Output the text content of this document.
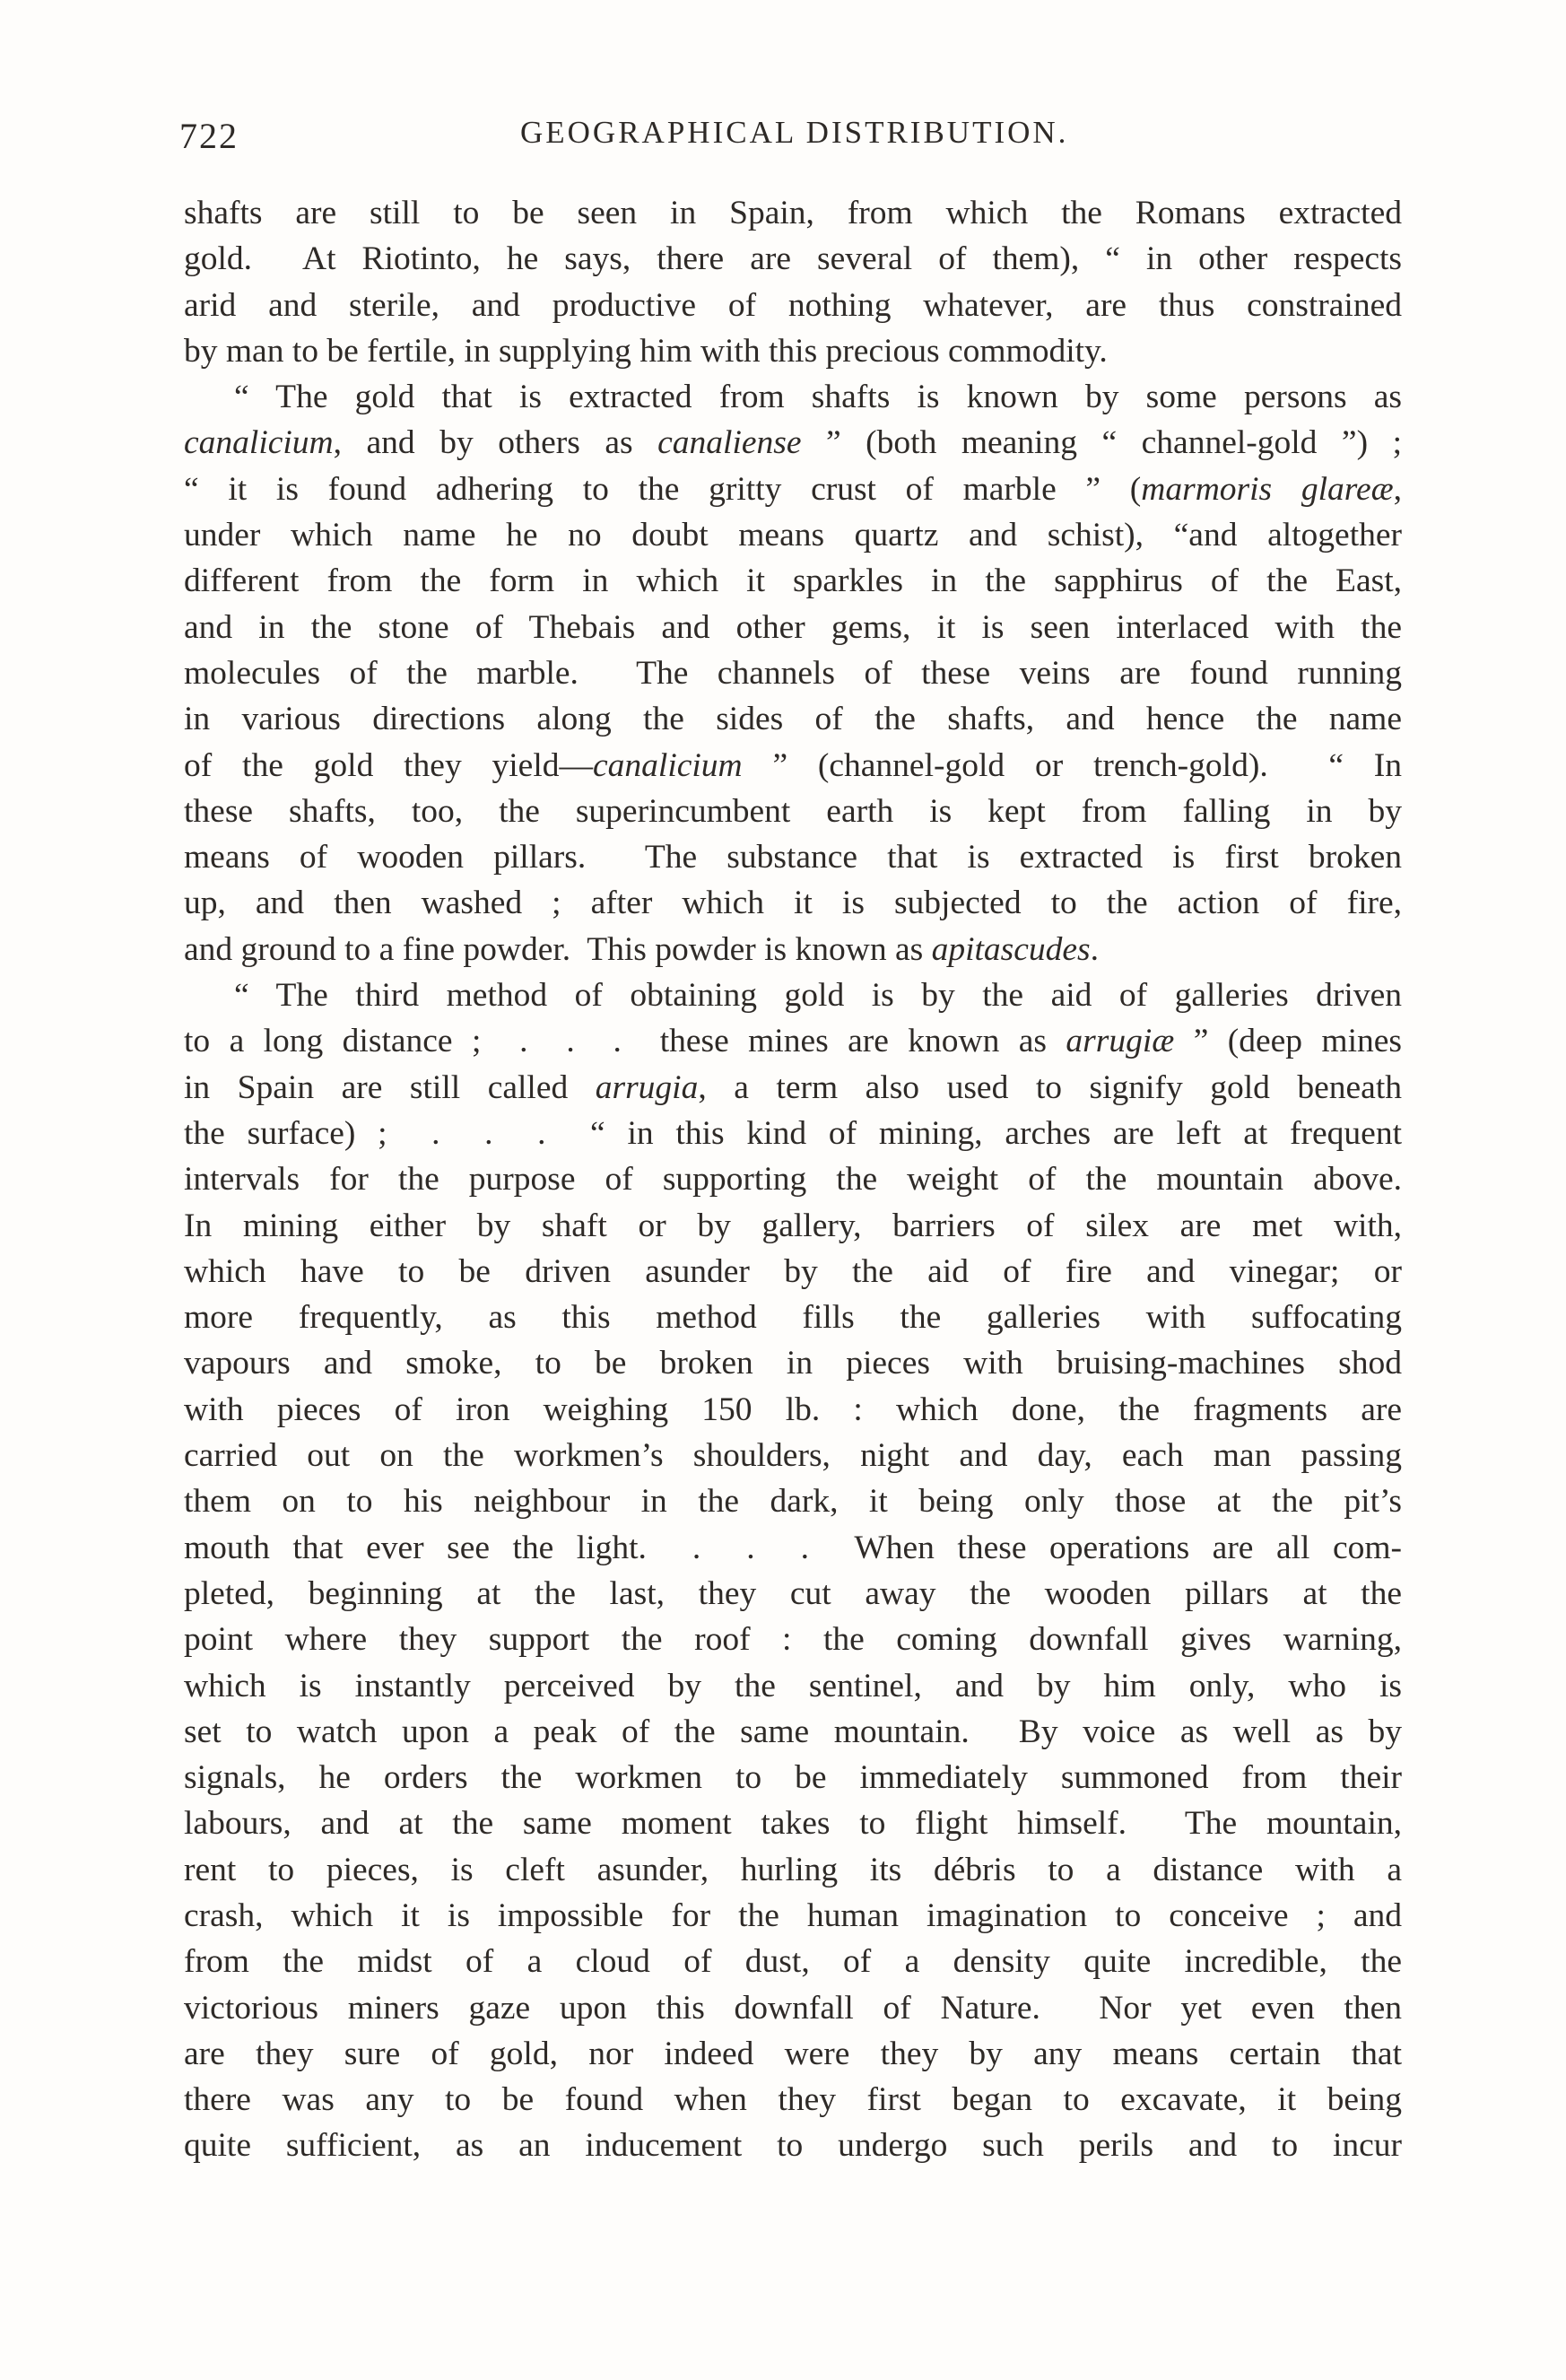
722	GEOGRAPHICAL DISTRIBUTION.
shafts are still to be seen in Spain, from which the Romans extracted
gold.  At Riotinto, he says, there are several of them), “ in other respects
arid and sterile, and productive of nothing whatever, are thus constrained
by man to be fertile, in supplying him with this precious commodity.
“ The gold that is extracted from shafts is known by some persons as
canalicium, and by others as canaliense ” (both meaning “ channel-gold ”) ;
“ it is found adhering to the gritty crust of marble ” (marmoris glareæ,
under which name he no doubt means quartz and schist), “and altogether
different from the form in which it sparkles in the sapphirus of the East,
and in the stone of Thebais and other gems, it is seen interlaced with the
molecules of the marble.  The channels of these veins are found running
in various directions along the sides of the shafts, and hence the name
of the gold they yield—canalicium ” (channel-gold or trench-gold).  “ In
these shafts, too, the superincumbent earth is kept from falling in by
means of wooden pillars.  The substance that is extracted is first broken
up, and then washed ; after which it is subjected to the action of fire,
and ground to a fine powder.  This powder is known as apitascudes.
“ The third method of obtaining gold is by the aid of galleries driven
to a long distance ;  .  .  .  these mines are known as arrugiæ ” (deep mines
in Spain are still called arrugia, a term also used to signify gold beneath
the surface) ;  .  .  .  “ in this kind of mining, arches are left at frequent
intervals for the purpose of supporting the weight of the mountain above.
In mining either by shaft or by gallery, barriers of silex are met with,
which have to be driven asunder by the aid of fire and vinegar; or
more frequently, as this method fills the galleries with suffocating
vapours and smoke, to be broken in pieces with bruising-machines shod
with pieces of iron weighing 150 lb. : which done, the fragments are
carried out on the workmen’s shoulders, night and day, each man passing
them on to his neighbour in the dark, it being only those at the pit’s
mouth that ever see the light.  .  .  .  When these operations are all com-
pleted, beginning at the last, they cut away the wooden pillars at the
point where they support the roof : the coming downfall gives warning,
which is instantly perceived by the sentinel, and by him only, who is
set to watch upon a peak of the same mountain.  By voice as well as by
signals, he orders the workmen to be immediately summoned from their
labours, and at the same moment takes to flight himself.  The mountain,
rent to pieces, is cleft asunder, hurling its débris to a distance with a
crash, which it is impossible for the human imagination to conceive ; and
from the midst of a cloud of dust, of a density quite incredible, the
victorious miners gaze upon this downfall of Nature.  Nor yet even then
are they sure of gold, nor indeed were they by any means certain that
there was any to be found when they first began to excavate, it being
quite sufficient, as an inducement to undergo such perils and to incur
